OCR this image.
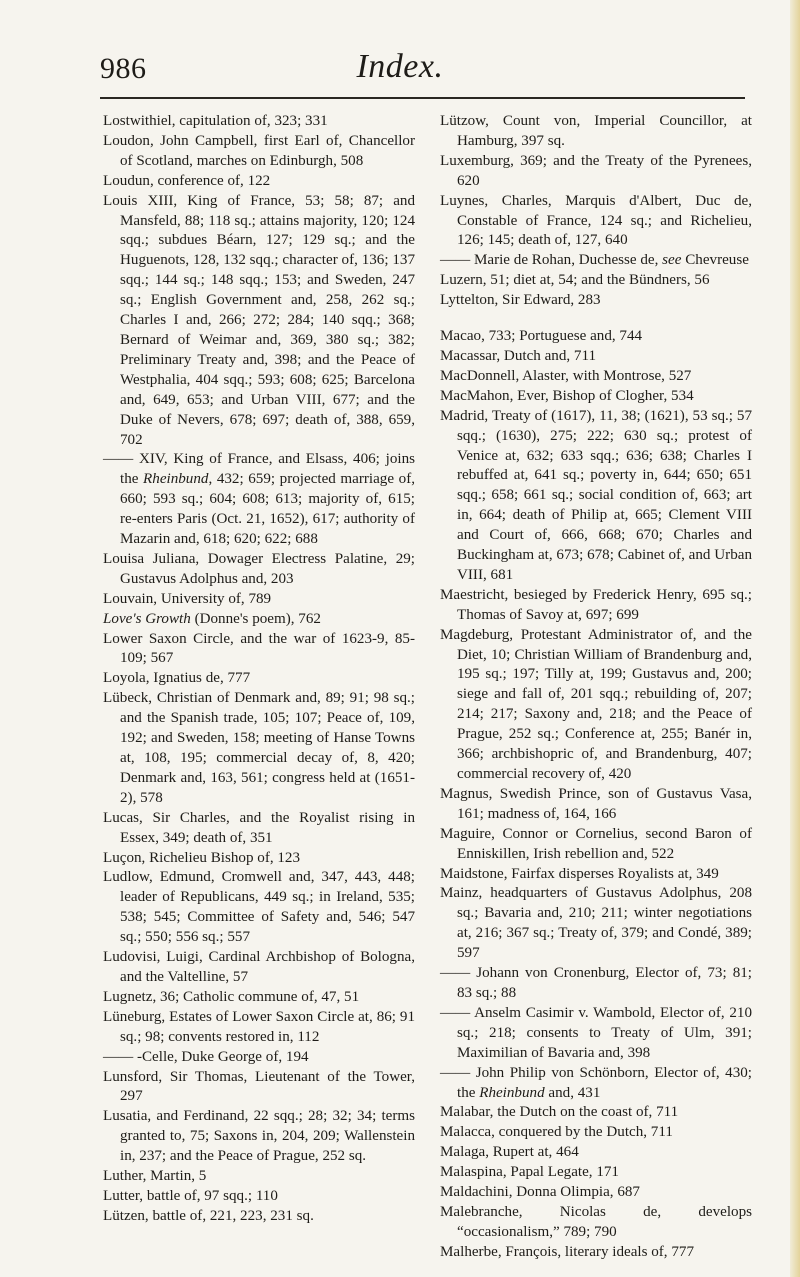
986	Index.
Lostwithiel, capitulation of, 323; 331
Loudon, John Campbell, first Earl of, Chancellor of Scotland, marches on Edinburgh, 508
Loudun, conference of, 122
Louis XIII, King of France, 53; 58; 87; and Mansfeld, 88; 118 sq.; attains majority, 120; 124 sqq.; subdues Béarn, 127; 129 sq.; and the Huguenots, 128, 132 sqq.; character of, 136; 137 sqq.; 144 sq.; 148 sqq.; 153; and Sweden, 247 sq.; English Government and, 258, 262 sq.; Charles I and, 266; 272; 284; 140 sqq.; 368; Bernard of Weimar and, 369, 380 sq.; 382; Preliminary Treaty and, 398; and the Peace of Westphalia, 404 sqq.; 593; 608; 625; Barcelona and, 649, 653; and Urban VIII, 677; and the Duke of Nevers, 678; 697; death of, 388, 659, 702
—— XIV, King of France, and Elsass, 406; joins the Rheinbund, 432; 659; projected marriage of, 660; 593 sq.; 604; 608; 613; majority of, 615; re-enters Paris (Oct. 21, 1652), 617; authority of Mazarin and, 618; 620; 622; 688
Louisa Juliana, Dowager Electress Palatine, 29; Gustavus Adolphus and, 203
Louvain, University of, 789
Love's Growth (Donne's poem), 762
Lower Saxon Circle, and the war of 1623-9, 85-109; 567
Loyola, Ignatius de, 777
Lübeck, Christian of Denmark and, 89; 91; 98 sq.; and the Spanish trade, 105; 107; Peace of, 109, 192; and Sweden, 158; meeting of Hanse Towns at, 108, 195; commercial decay of, 8, 420; Denmark and, 163, 561; congress held at (1651-2), 578
Lucas, Sir Charles, and the Royalist rising in Essex, 349; death of, 351
Luçon, Richelieu Bishop of, 123
Ludlow, Edmund, Cromwell and, 347, 443, 448; leader of Republicans, 449 sq.; in Ireland, 535; 538; 545; Committee of Safety and, 546; 547 sq.; 550; 556 sq.; 557
Ludovisi, Luigi, Cardinal Archbishop of Bologna, and the Valtelline, 57
Lugnetz, 36; Catholic commune of, 47, 51
Lüneburg, Estates of Lower Saxon Circle at, 86; 91 sq.; 98; convents restored in, 112
—— -Celle, Duke George of, 194
Lunsford, Sir Thomas, Lieutenant of the Tower, 297
Lusatia, and Ferdinand, 22 sqq.; 28; 32; 34; terms granted to, 75; Saxons in, 204, 209; Wallenstein in, 237; and the Peace of Prague, 252 sq.
Luther, Martin, 5
Lutter, battle of, 97 sqq.; 110
Lützen, battle of, 221, 223, 231 sq.
Lützow, Count von, Imperial Councillor, at Hamburg, 397 sq.
Luxemburg, 369; and the Treaty of the Pyrenees, 620
Luynes, Charles, Marquis d'Albert, Duc de, Constable of France, 124 sq.; and Richelieu, 126; 145; death of, 127, 640
—— Marie de Rohan, Duchesse de, see Chevreuse
Luzern, 51; diet at, 54; and the Bündners, 56
Lyttelton, Sir Edward, 283
Macao, 733; Portuguese and, 744
Macassar, Dutch and, 711
MacDonnell, Alaster, with Montrose, 527
MacMahon, Ever, Bishop of Clogher, 534
Madrid, Treaty of (1617), 11, 38; (1621), 53 sq.; 57 sqq.; (1630), 275; 222; 630 sq.; protest of Venice at, 632; 633 sqq.; 636; 638; Charles I rebuffed at, 641 sq.; poverty in, 644; 650; 651 sqq.; 658; 661 sq.; social condition of, 663; art in, 664; death of Philip at, 665; Clement VIII and Court of, 666, 668; 670; Charles and Buckingham at, 673; 678; Cabinet of, and Urban VIII, 681
Maestricht, besieged by Frederick Henry, 695 sq.; Thomas of Savoy at, 697; 699
Magdeburg, Protestant Administrator of, and the Diet, 10; Christian William of Brandenburg and, 195 sq.; 197; Tilly at, 199; Gustavus and, 200; siege and fall of, 201 sqq.; rebuilding of, 207; 214; 217; Saxony and, 218; and the Peace of Prague, 252 sq.; Conference at, 255; Banér in, 366; archbishopric of, and Brandenburg, 407; commercial recovery of, 420
Magnus, Swedish Prince, son of Gustavus Vasa, 161; madness of, 164, 166
Maguire, Connor or Cornelius, second Baron of Enniskillen, Irish rebellion and, 522
Maidstone, Fairfax disperses Royalists at, 349
Mainz, headquarters of Gustavus Adolphus, 208 sq.; Bavaria and, 210; 211; winter negotiations at, 216; 367 sq.; Treaty of, 379; and Condé, 389; 597
—— Johann von Cronenburg, Elector of, 73; 81; 83 sq.; 88
—— Anselm Casimir v. Wambold, Elector of, 210 sq.; 218; consents to Treaty of Ulm, 391; Maximilian of Bavaria and, 398
—— John Philip von Schönborn, Elector of, 430; the Rheinbund and, 431
Malabar, the Dutch on the coast of, 711
Malacca, conquered by the Dutch, 711
Malaga, Rupert at, 464
Malaspina, Papal Legate, 171
Maldachini, Donna Olimpia, 687
Malebranche, Nicolas de, develops “occasionalism,” 789; 790
Malherbe, François, literary ideals of, 777
